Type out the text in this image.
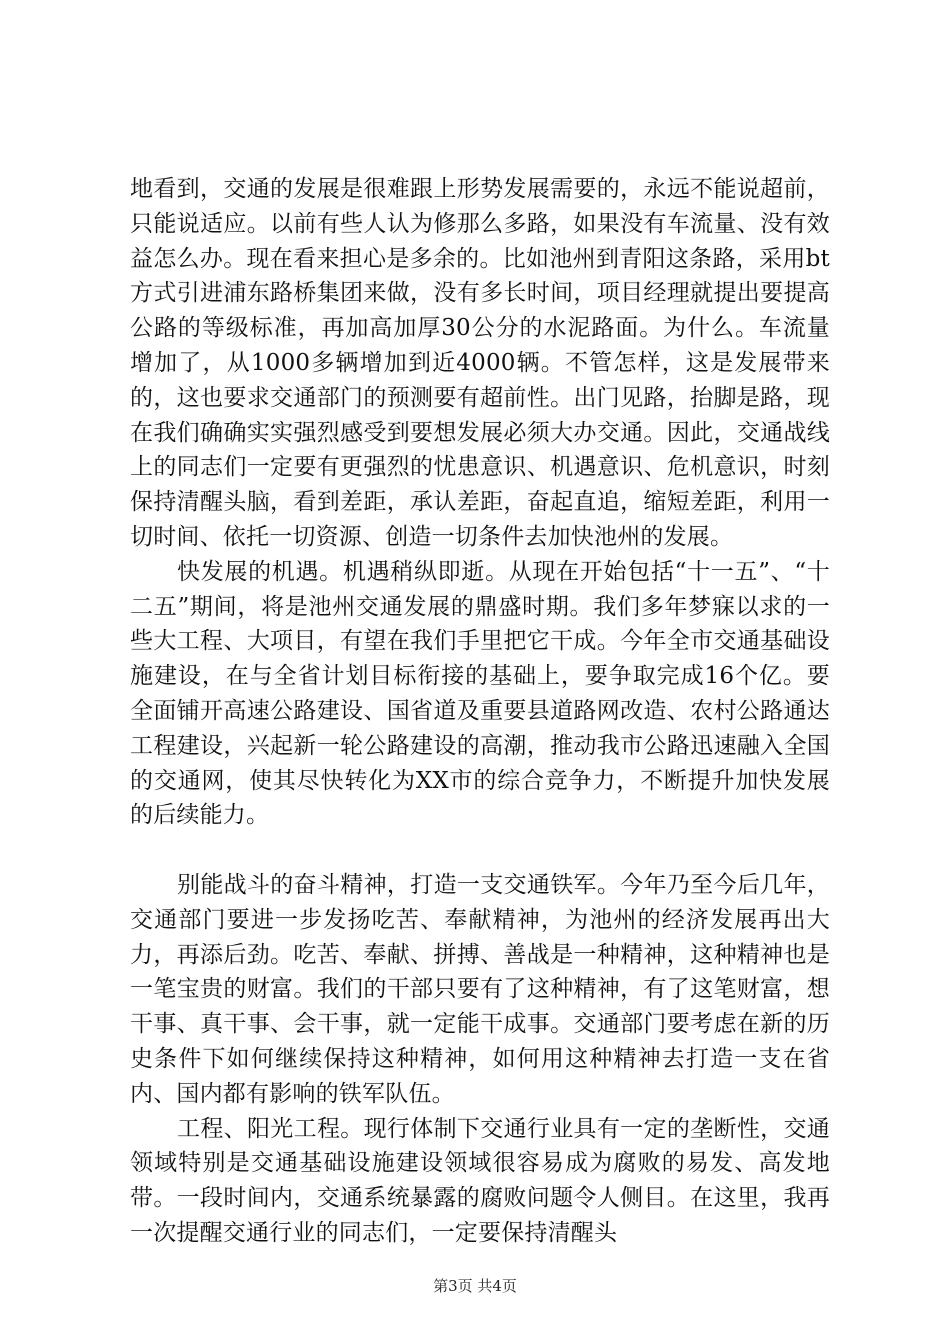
地看到，交通的发展是很难跟上形势发展需要的，永远不能说超前，只能说适应。以前有些人认为修那么多路，如果没有车流量、没有效益怎么办。现在看来担心是多余的。比如池州到青阳这条路，采用bt方式引进浦东路桥集团来做，没有多长时间，项目经理就提出要提高公路的等级标准，再加高加厚30公分的水泥路面。为什么。车流量增加了，从1000多辆增加到近4000辆。不管怎样，这是发展带来的，这也要求交通部门的预测要有超前性。出门见路，抬脚是路，现在我们确确实实强烈感受到要想发展必须大办交通。因此，交通战线上的同志们一定要有更强烈的忧患意识、机遇意识、危机意识，时刻保持清醒头脑，看到差距，承认差距，奋起直追，缩短差距，利用一切时间、依托一切资源、创造一切条件去加快池州的发展。

快发展的机遇。机遇稍纵即逝。从现在开始包括“十一五”、“十二五”期间，将是池州交通发展的鼎盛时期。我们多年梦寐以求的一些大工程、大项目，有望在我们手里把它干成。今年全市交通基础设施建设，在与全省计划目标衔接的基础上，要争取完成16个亿。要全面铺开高速公路建设、国省道及重要县道路网改造、农村公路通达工程建设，兴起新一轮公路建设的高潮，推动我市公路迅速融入全国的交通网，使其尽快转化为XX市的综合竞争力，不断提升加快发展的后续能力。

别能战斗的奋斗精神，打造一支交通铁军。今年乃至今后几年，交通部门要进一步发扬吃苦、奉献精神，为池州的经济发展再出大力，再添后劲。吃苦、奉献、拼搏、善战是一种精神，这种精神也是一笔宝贵的财富。我们的干部只要有了这种精神，有了这笔财富，想干事、真干事、会干事，就一定能干成事。交通部门要考虑在新的历史条件下如何继续保持这种精神，如何用这种精神去打造一支在省内、国内都有影响的铁军队伍。

工程、阳光工程。现行体制下交通行业具有一定的垄断性，交通领域特别是交通基础设施建设领域很容易成为腐败的易发、高发地带。一段时间内，交通系统暴露的腐败问题令人侧目。在这里，我再一次提醒交通行业的同志们，一定要保持清醒头

第3页 共4页
